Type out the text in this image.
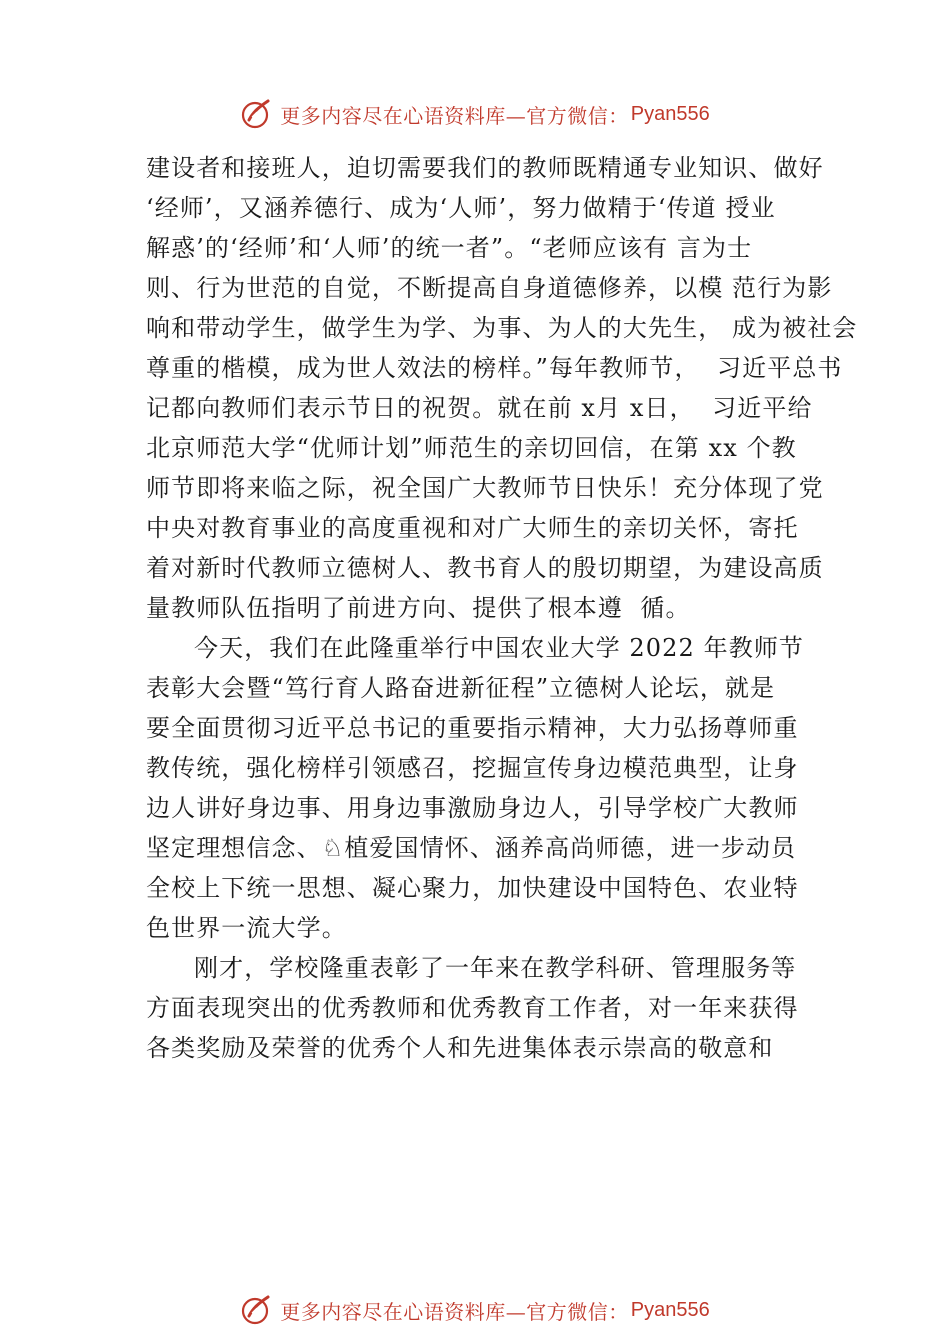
更多内容尽在心语资料库—官方微信： Pyan556
建设者和接班人，迫切需要我们的教师既精通专业知识、做好
‘经师’，又涵养德行、成为‘人师’，努力做精于‘传道 授业
解惑’的‘经师’和‘人师’的统一者”。“老师应该有 言为士
则、行为世范的自觉，不断提高自身道德修养，以模 范行为影
响和带动学生，做学生为学、为事、为人的大先生， 成为被社会
尊重的楷模，成为世人效法的榜样。”每年教师节，  习近平总书
记都向教师们表示节日的祝贺。就在前 x月 x日，  习近平给
北京师范大学“优师计划”师范生的亲切回信，在第 xx 个教
师节即将来临之际，祝全国广大教师节日快乐！充分体现了党
中央对教育事业的高度重视和对广大师生的亲切关怀，寄托
着对新时代教师立德树人、教书育人的殷切期望，为建设高质
量教师队伍指明了前进方向、提供了根本遵  循。
今天，我们在此隆重举行中国农业大学 2022 年教师节
表彰大会暨“笃行育人路奋进新征程”立德树人论坛，就是
要全面贯彻习近平总书记的重要指示精神，大力弘扬尊师重
教传统，强化榜样引领感召，挖掘宣传身边模范典型，让身
边人讲好身边事、用身边事激励身边人，引导学校广大教师
坚定理想信念、♘植爱国情怀、涵养高尚师德，进一步动员
全校上下统一思想、凝心聚力，加快建设中国特色、农业特
色世界一流大学。
刚才，学校隆重表彰了一年来在教学科研、管理服务等
方面表现突出的优秀教师和优秀教育工作者，对一年来获得
各类奖励及荣誉的优秀个人和先进集体表示崇高的敬意和
更多内容尽在心语资料库—官方微信： Pyan556
